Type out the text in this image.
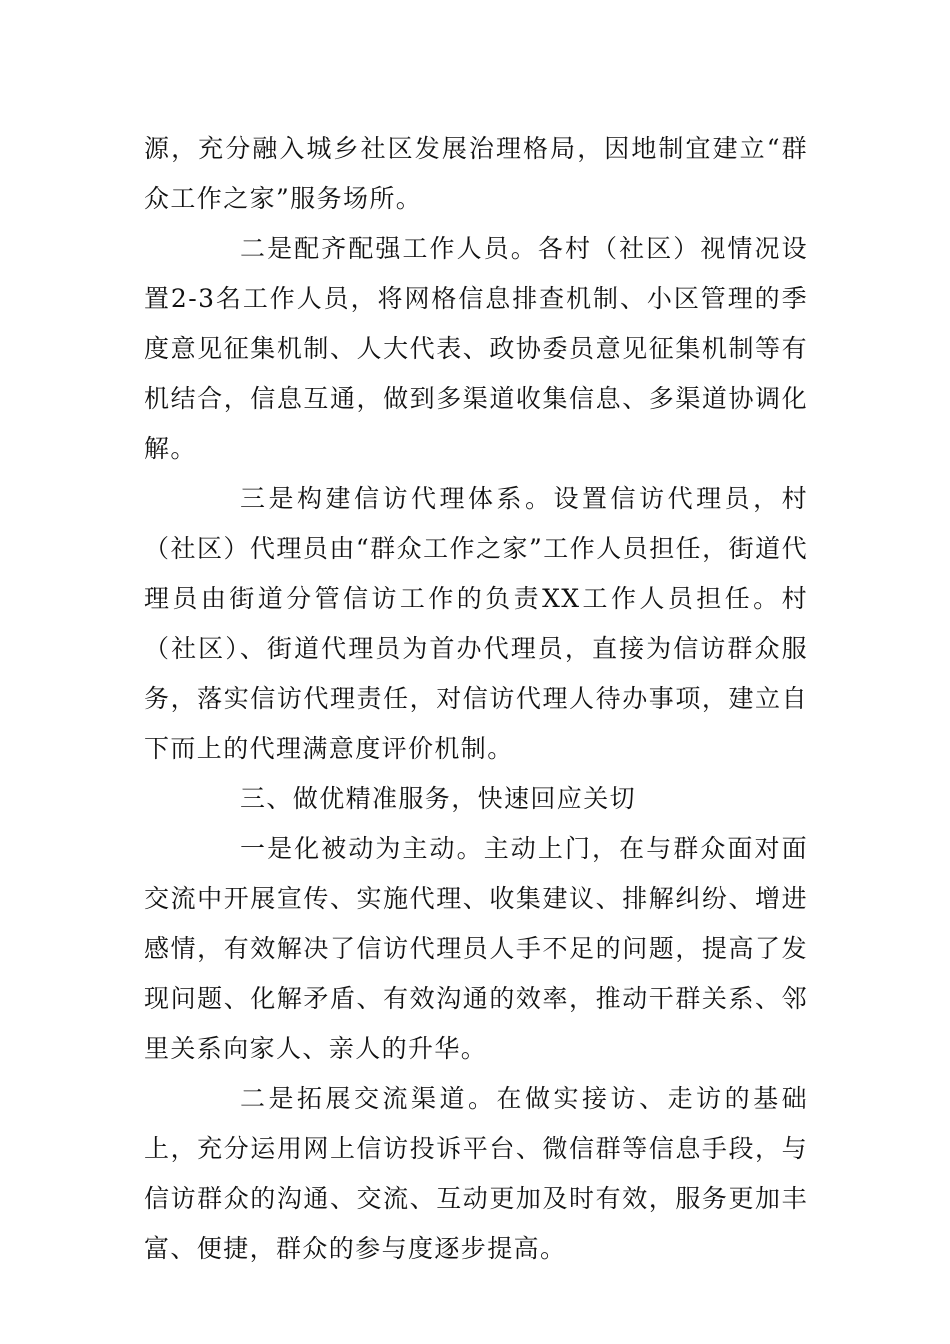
源，充分融入城乡社区发展治理格局，因地制宜建立“群众工作之家”服务场所。

二是配齐配强工作人员。各村（社区）视情况设置2-3名工作人员，将网格信息排查机制、小区管理的季度意见征集机制、人大代表、政协委员意见征集机制等有机结合，信息互通，做到多渠道收集信息、多渠道协调化解。

三是构建信访代理体系。设置信访代理员，村（社区）代理员由“群众工作之家”工作人员担任，街道代理员由街道分管信访工作的负责XX工作人员担任。村（社区）、街道代理员为首办代理员，直接为信访群众服务，落实信访代理责任，对信访代理人待办事项，建立自下而上的代理满意度评价机制。

三、做优精准服务，快速回应关切

一是化被动为主动。主动上门，在与群众面对面交流中开展宣传、实施代理、收集建议、排解纠纷、增进感情，有效解决了信访代理员人手不足的问题，提高了发现问题、化解矛盾、有效沟通的效率，推动干群关系、邻里关系向家人、亲人的升华。

二是拓展交流渠道。在做实接访、走访的基础上，充分运用网上信访投诉平台、微信群等信息手段，与信访群众的沟通、交流、互动更加及时有效，服务更加丰富、便捷，群众的参与度逐步提高。
